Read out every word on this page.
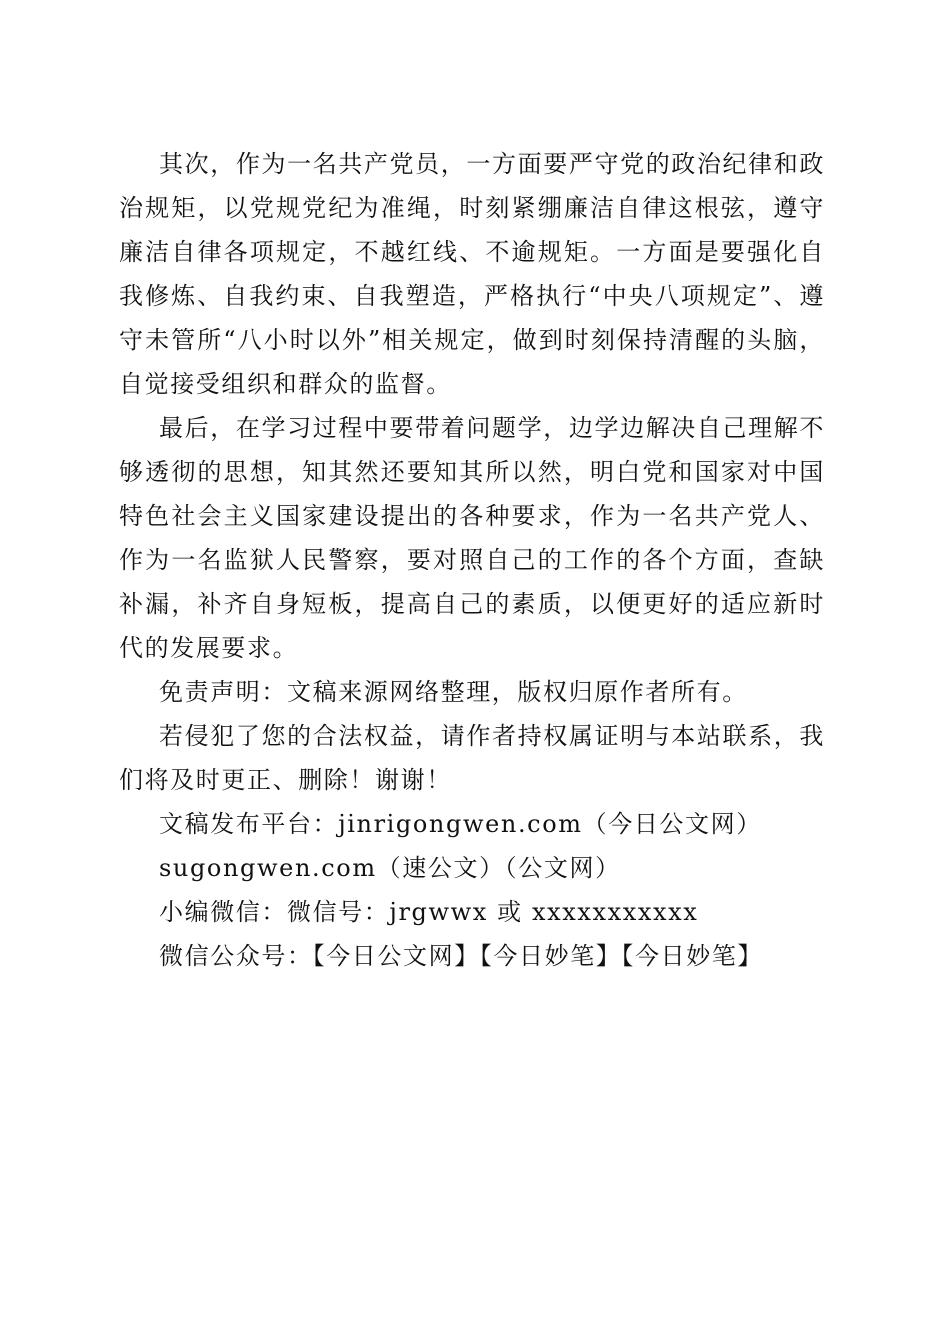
其次，作为一名共产党员，一方面要严守党的政治纪律和政治规矩，以党规党纪为准绳，时刻紧绷廉洁自律这根弦，遵守廉洁自律各项规定，不越红线、不逾规矩。一方面是要强化自我修炼、自我约束、自我塑造，严格执行“中央八项规定”、遵守未管所“八小时以外”相关规定，做到时刻保持清醒的头脑，自觉接受组织和群众的监督。

最后，在学习过程中要带着问题学，边学边解决自己理解不够透彻的思想，知其然还要知其所以然，明白党和国家对中国特色社会主义国家建设提出的各种要求，作为一名共产党人、作为一名监狱人民警察，要对照自己的工作的各个方面，查缺补漏，补齐自身短板，提高自己的素质，以便更好的适应新时代的发展要求。

免责声明：文稿来源网络整理，版权归原作者所有。

若侵犯了您的合法权益，请作者持权属证明与本站联系，我们将及时更正、删除！谢谢！

文稿发布平台：jinrigongwen.com（今日公文网）

sugongwen.com（速公文）（公文网）

小编微信：微信号：jrgwwx 或 xxxxxxxxxxx

微信公众号：【今日公文网】【今日妙笔】【今日妙笔】
